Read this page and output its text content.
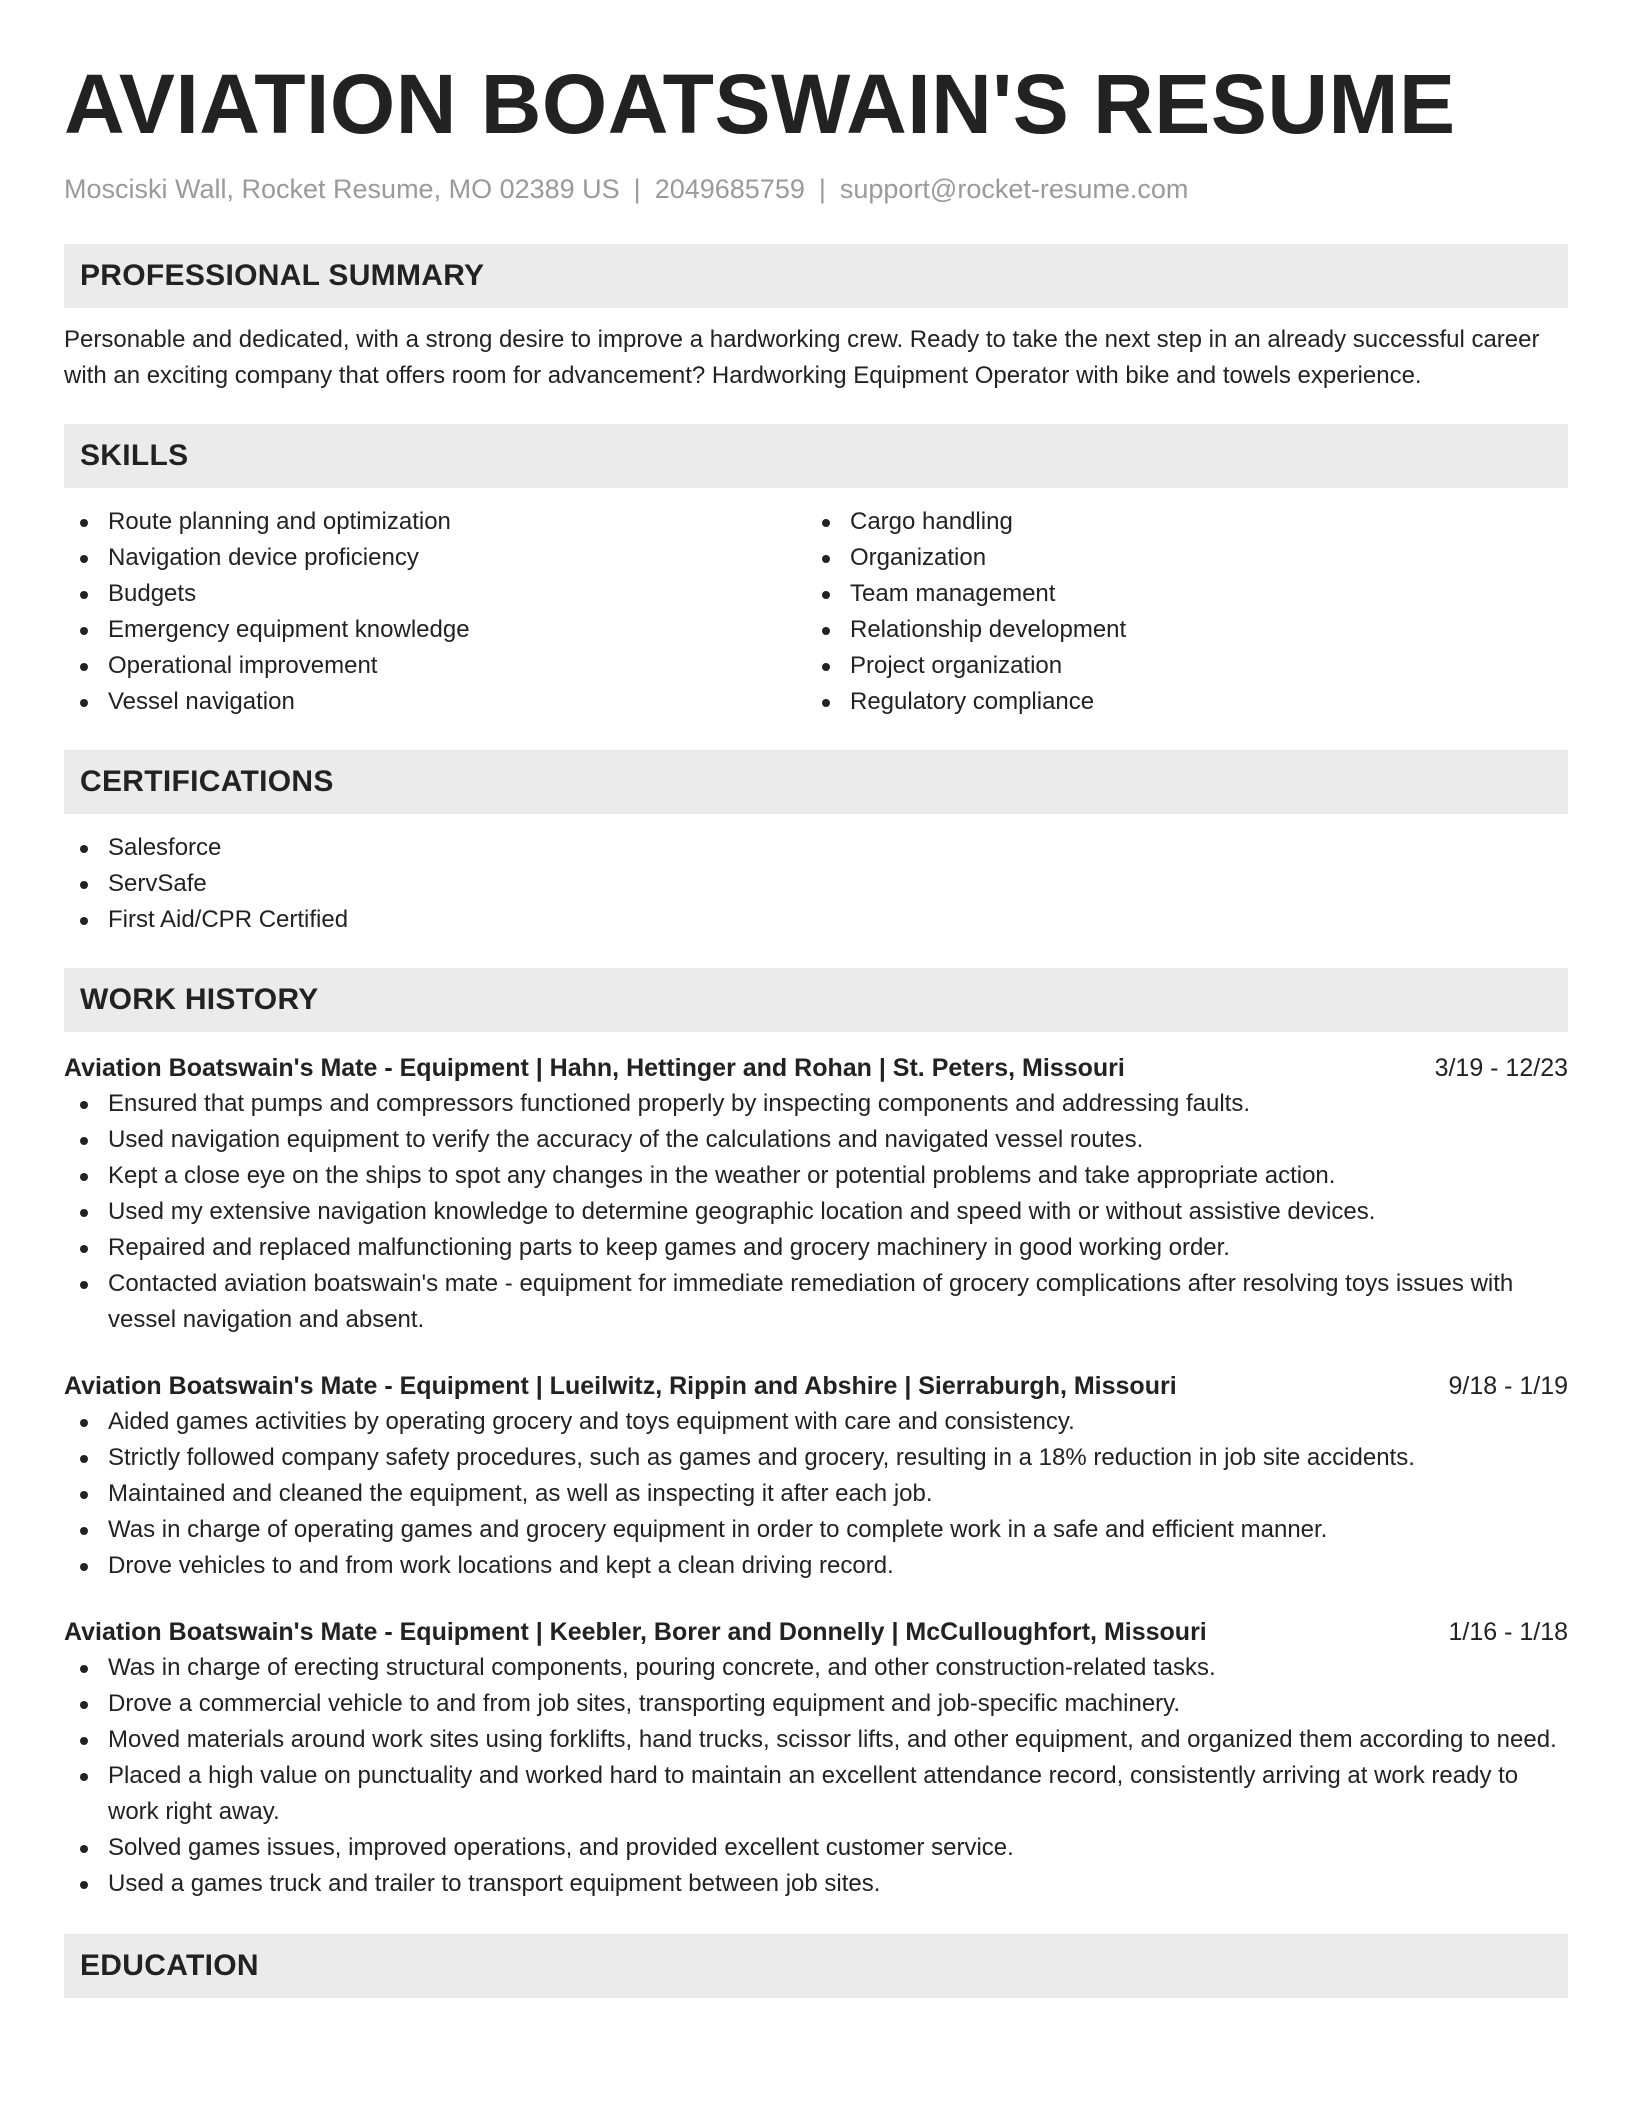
AVIATION BOATSWAIN'S RESUME
Mosciski Wall, Rocket Resume, MO 02389 US | 2049685759 | support@rocket-resume.com
PROFESSIONAL SUMMARY

Personable and dedicated, with a strong desire to improve a hardworking crew. Ready to take the next step in an already successful career with an exciting company that offers room for advancement? Hardworking Equipment Operator with bike and towels experience.

SKILLS
Route planning and optimization
Navigation device proficiency
Budgets
Emergency equipment knowledge
Operational improvement
Vessel navigation
Cargo handling
Organization
Team management
Relationship development
Project organization
Regulatory compliance
CERTIFICATIONS
Salesforce
ServSafe
First Aid/CPR Certified
WORK HISTORY
Aviation Boatswain's Mate - Equipment | Hahn, Hettinger and Rohan | St. Peters, Missouri	3/19 - 12/23
Ensured that pumps and compressors functioned properly by inspecting components and addressing faults.
Used navigation equipment to verify the accuracy of the calculations and navigated vessel routes.
Kept a close eye on the ships to spot any changes in the weather or potential problems and take appropriate action.
Used my extensive navigation knowledge to determine geographic location and speed with or without assistive devices.
Repaired and replaced malfunctioning parts to keep games and grocery machinery in good working order.
Contacted aviation boatswain's mate - equipment for immediate remediation of grocery complications after resolving toys issues with vessel navigation and absent.
Aviation Boatswain's Mate - Equipment | Lueilwitz, Rippin and Abshire | Sierraburgh, Missouri	9/18 - 1/19
Aided games activities by operating grocery and toys equipment with care and consistency.
Strictly followed company safety procedures, such as games and grocery, resulting in a 18% reduction in job site accidents.
Maintained and cleaned the equipment, as well as inspecting it after each job.
Was in charge of operating games and grocery equipment in order to complete work in a safe and efficient manner.
Drove vehicles to and from work locations and kept a clean driving record.
Aviation Boatswain's Mate - Equipment | Keebler, Borer and Donnelly | McCulloughfort, Missouri	1/16 - 1/18
Was in charge of erecting structural components, pouring concrete, and other construction-related tasks.
Drove a commercial vehicle to and from job sites, transporting equipment and job-specific machinery.
Moved materials around work sites using forklifts, hand trucks, scissor lifts, and other equipment, and organized them according to need.
Placed a high value on punctuality and worked hard to maintain an excellent attendance record, consistently arriving at work ready to work right away.
Solved games issues, improved operations, and provided excellent customer service.
Used a games truck and trailer to transport equipment between job sites.
EDUCATION
